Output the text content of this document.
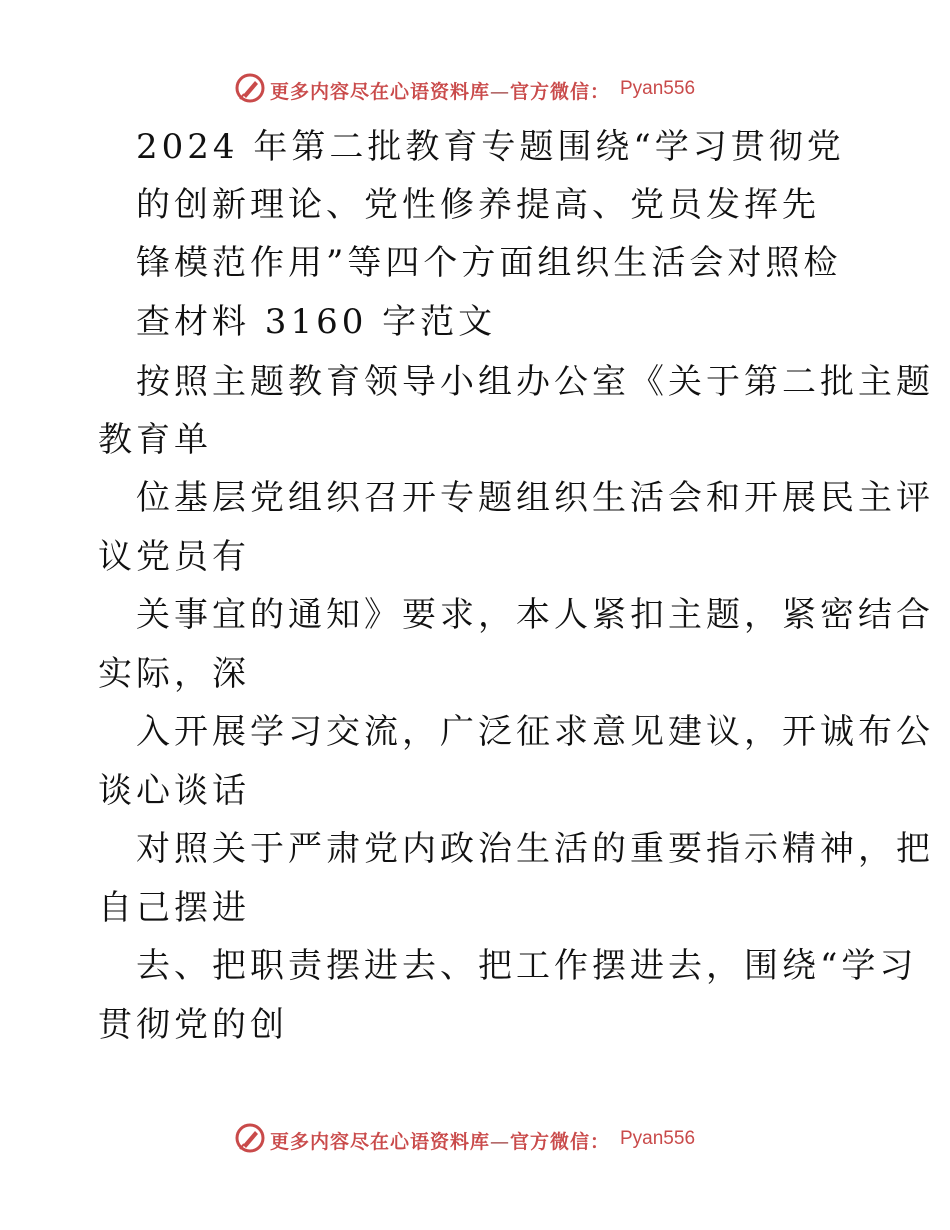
更多内容尽在心语资料库—官方微信： Pyan556
2024 年第二批教育专题围绕“学习贯彻党
的创新理论、党性修养提高、党员发挥先
锋模范作用”等四个方面组织生活会对照检
查材料 3160 字范文
按照主题教育领导小组办公室《关于第二批主题
教育单
位基层党组织召开专题组织生活会和开展民主评
议党员有
关事宜的通知》要求，本人紧扣主题，紧密结合
实际，深
入开展学习交流，广泛征求意见建议，开诚布公
谈心谈话
对照关于严肃党内政治生活的重要指示精神，把
自己摆进
去、把职责摆进去、把工作摆进去，围绕“学习
贯彻党的创
更多内容尽在心语资料库—官方微信： Pyan556
